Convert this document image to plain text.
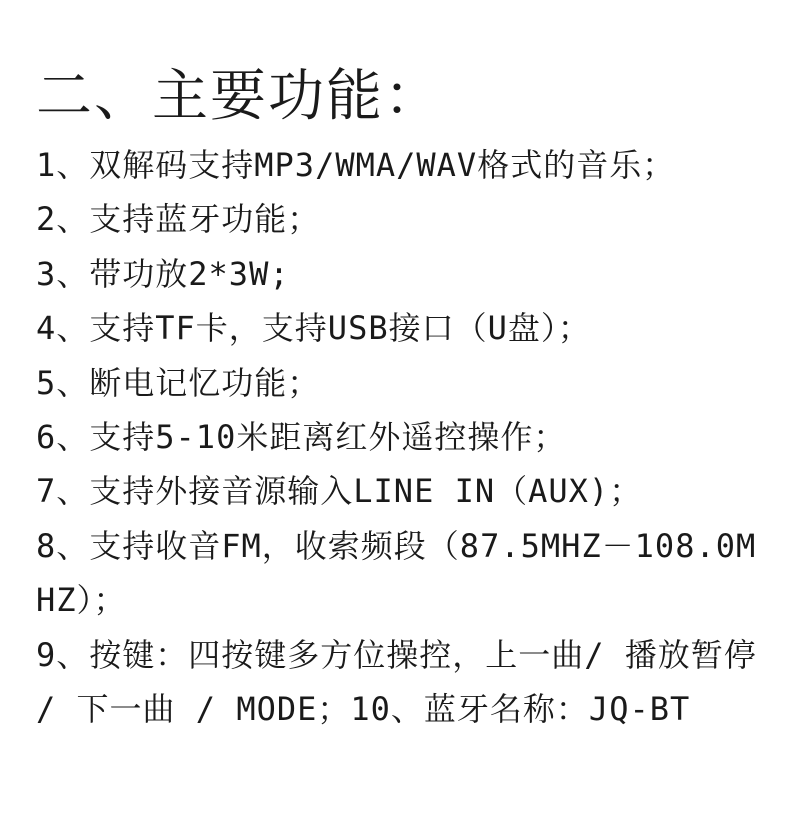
二、主要功能：
1、双解码支持MP3/WMA/WAV格式的音乐；
2、支持蓝牙功能；
3、带功放2*3W;
4、支持TF卡，支持USB接口（U盘）；
5、断电记忆功能；
6、支持5-10米距离红外遥控操作；
7、支持外接音源输入LINE IN（AUX)；
8、支持收音FM，收索频段（87.5MHZ－108.0MHZ）；
9、按键：四按键多方位操控，上一曲/ 播放暂停 / 下一曲 / MODE；10、蓝牙名称：JQ-BT
